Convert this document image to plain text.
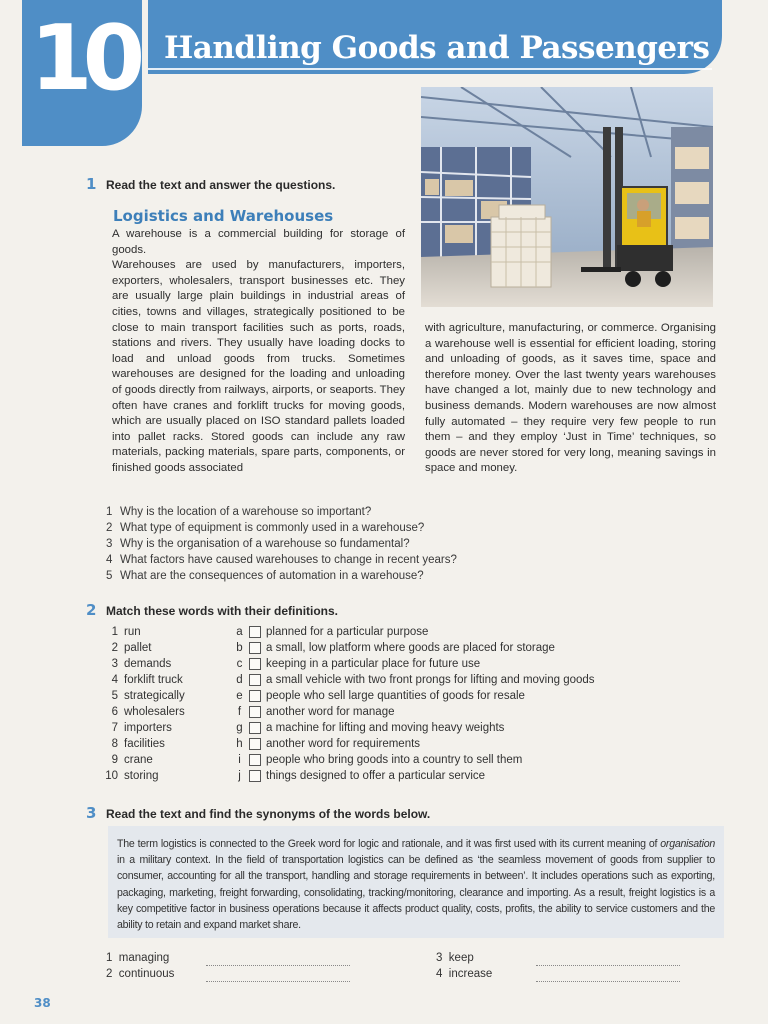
10 Handling Goods and Passengers
1 Read the text and answer the questions.
Logistics and Warehouses

A warehouse is a commercial building for storage of goods.

Warehouses are used by manufacturers, importers, exporters, wholesalers, transport businesses etc. They are usually large plain buildings in industrial areas of cities, towns and villages, strategically positioned to be close to main transport facilities such as ports, roads, stations and rivers. They usually have loading docks to load and unload goods from trucks. Sometimes warehouses are designed for the loading and unloading of goods directly from railways, airports, or seaports. They often have cranes and forklift trucks for moving goods, which are usually placed on ISO standard pallets loaded into pallet racks. Stored goods can include any raw materials, packing materials, spare parts, components, or finished goods associated

with agriculture, manufacturing, or commerce. Organising a warehouse well is essential for efficient loading, storing and unloading of goods, as it saves time, space and therefore money. Over the last twenty years warehouses have changed a lot, mainly due to new technology and business demands. Modern warehouses are now almost fully automated – they require very few people to run them – and they employ ‘Just in Time’ techniques, so goods are never stored for very long, meaning savings in space and money.

1 Why is the location of a warehouse so important?
2 What type of equipment is commonly used in a warehouse?
3 Why is the organisation of a warehouse so fundamental?
4 What factors have caused warehouses to change in recent years?
5 What are the consequences of automation in a warehouse?
2 Match these words with their definitions.
1 run	a planned for a particular purpose
2 pallet	b a small, low platform where goods are placed for storage
3 demands	c	keeping in a particular place for future use
4 forklift truck	d a small vehicle with two front prongs for lifting and moving goods
5 strategically	e people who sell large quantities of goods for resale
6 wholesalers	f	another word for manage
7 importers	g a machine for lifting and moving heavy weights
8 facilities	h another word for requirements
9 crane	i	people who bring goods into a country to sell them
10 storing	j	things designed to offer a particular service
3 Read the text and find the synonyms of the words below.
The term logistics is connected to the Greek word for logic and rationale, and it was first used with its current meaning of organisation in a military context. In the field of transportation logistics can be defined as ‘the seamless movement of goods from supplier to consumer, accounting for all the transport, handling and storage requirements in between’. It includes operations such as exporting, packaging, marketing, freight forwarding, consolidating, tracking/monitoring, clearance and importing. As a result, freight logistics is a key competitive factor in business operations because it affects product quality, costs, profits, the ability to service customers and the ability to retain and expand market share.
1 managing
2 continuous
3 keep
4 increase
38
